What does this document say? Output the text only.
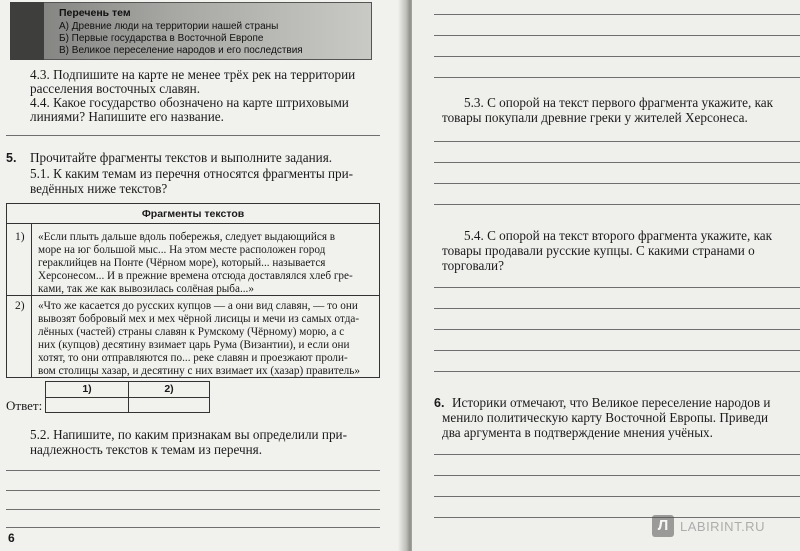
Перечень тем
А) Древние люди на территории нашей страны
Б) Первые государства в Восточной Европе
В) Великое переселение народов и его последствия
4.3. Подпишите на карте не менее трёх рек на территории
расселения восточных славян.
4.4. Какое государство обозначено на карте штриховыми
линиями? Напишите его название.
5. Прочитайте фрагменты текстов и выполните задания.
5.1. К каким темам из перечня относятся фрагменты при-
ведённых ниже текстов?
Фрагменты текстов
1) «Если плыть дальше вдоль побережья, следует выдающийся в
море на юг большой мыс... На этом месте расположен город
гераклийцев на Понте (Чёрном море), который... называется
Херсонесом... И в прежние времена отсюда доставлялся хлеб гре-
ками, так же как вывозилась солёная рыба...»
2) «Что же касается до русских купцов — а они вид славян, — то они
вывозят бобровый мех и мех чёрной лисицы и мечи из самых отда-
лённых (частей) страны славян к Румскому (Чёрному) морю, а с
них (купцов) десятину взимает царь Рума (Византии), и если они
хотят, то они отправляются по... реке славян и проезжают проли-
вом столицы хазар, и десятину с них взимает их (хазар) правитель»
Ответ:
1)	2)
5.2. Напишите, по каким признакам вы определили при-
надлежность текстов к темам из перечня.
6
5.3. С опорой на текст первого фрагмента укажите, как
товары покупали древние греки у жителей Херсонеса.
5.4. С опорой на текст второго фрагмента укажите, как
товары продавали русские купцы. С какими странами о
торговали?
6. Историки отмечают, что Великое переселение народов и
менило политическую карту Восточной Европы. Приведи
два аргумента в подтверждение мнения учёных.
Л LABIRINT.RU
